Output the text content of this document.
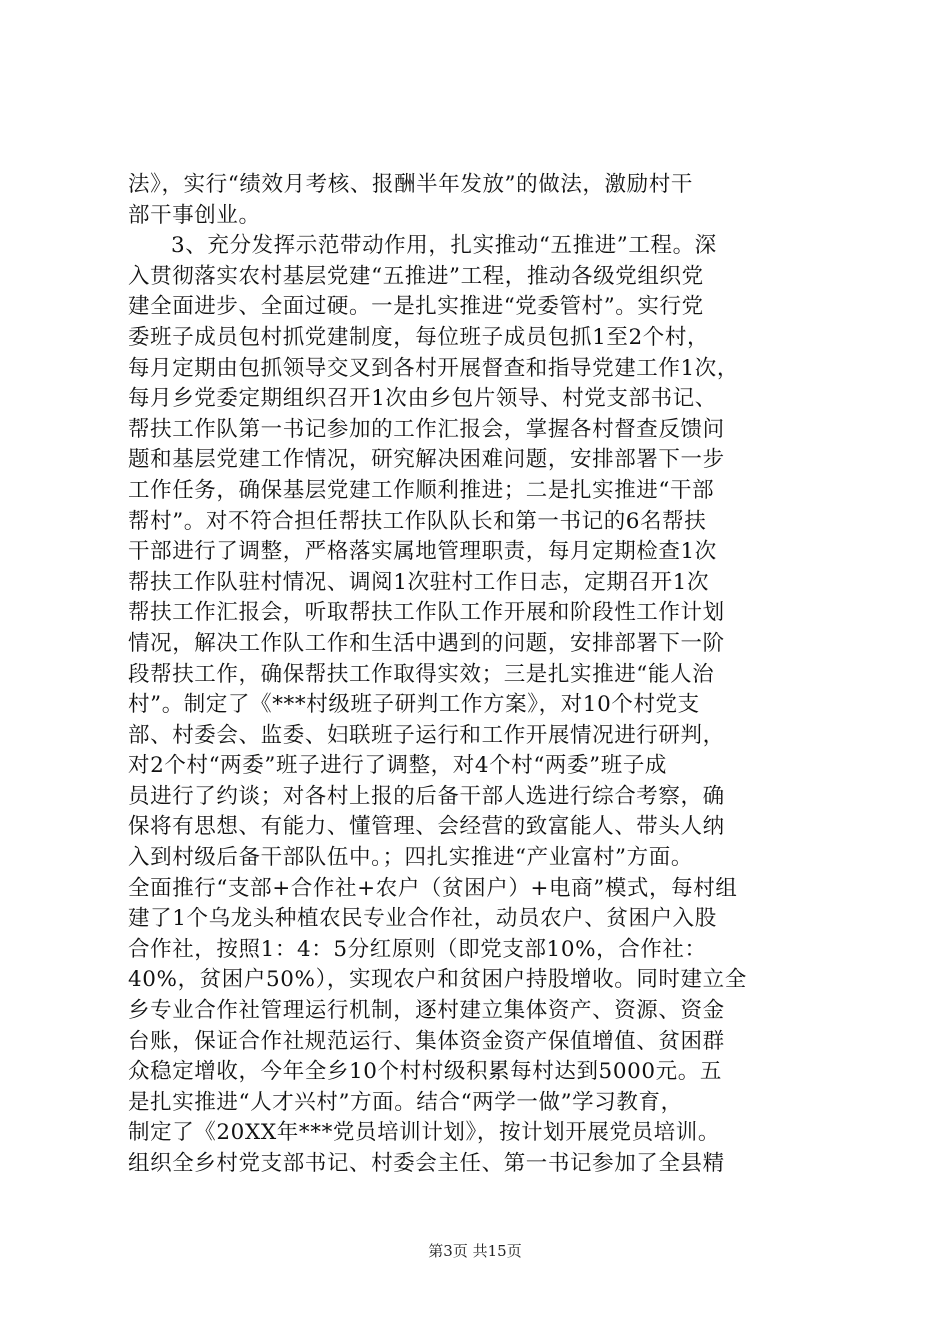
法》，实行“绩效月考核、报酬半年发放”的做法，激励村干
部干事创业。
3、充分发挥示范带动作用，扎实推动“五推进”工程。深
入贯彻落实农村基层党建“五推进”工程，推动各级党组织党
建全面进步、全面过硬。一是扎实推进“党委管村”。实行党
委班子成员包村抓党建制度，每位班子成员包抓1至2个村，
每月定期由包抓领导交叉到各村开展督查和指导党建工作1次，
每月乡党委定期组织召开1次由乡包片领导、村党支部书记、
帮扶工作队第一书记参加的工作汇报会，掌握各村督查反馈问
题和基层党建工作情况，研究解决困难问题，安排部署下一步
工作任务，确保基层党建工作顺利推进；二是扎实推进“干部
帮村”。对不符合担任帮扶工作队队长和第一书记的6名帮扶
干部进行了调整，严格落实属地管理职责，每月定期检查1次
帮扶工作队驻村情况、调阅1次驻村工作日志，定期召开1次
帮扶工作汇报会，听取帮扶工作队工作开展和阶段性工作计划
情况，解决工作队工作和生活中遇到的问题，安排部署下一阶
段帮扶工作，确保帮扶工作取得实效；三是扎实推进“能人治
村”。制定了《***村级班子研判工作方案》，对10个村党支
部、村委会、监委、妇联班子运行和工作开展情况进行研判，
对2个村“两委”班子进行了调整，对4个村“两委”班子成
员进行了约谈；对各村上报的后备干部人选进行综合考察，确
保将有思想、有能力、懂管理、会经营的致富能人、带头人纳
入到村级后备干部队伍中。；四扎实推进“产业富村”方面。
全面推行“支部+合作社+农户（贫困户）+电商”模式，每村组
建了1个乌龙头种植农民专业合作社，动员农户、贫困户入股
合作社，按照1：4：5分红原则（即党支部10%，合作社：
40%，贫困户50%），实现农户和贫困户持股增收。同时建立全
乡专业合作社管理运行机制，逐村建立集体资产、资源、资金
台账，保证合作社规范运行、集体资金资产保值增值、贫困群
众稳定增收，今年全乡10个村村级积累每村达到5000元。五
是扎实推进“人才兴村”方面。结合“两学一做”学习教育，
制定了《20XX年***党员培训计划》，按计划开展党员培训。
组织全乡村党支部书记、村委会主任、第一书记参加了全县精
第3页 共15页
